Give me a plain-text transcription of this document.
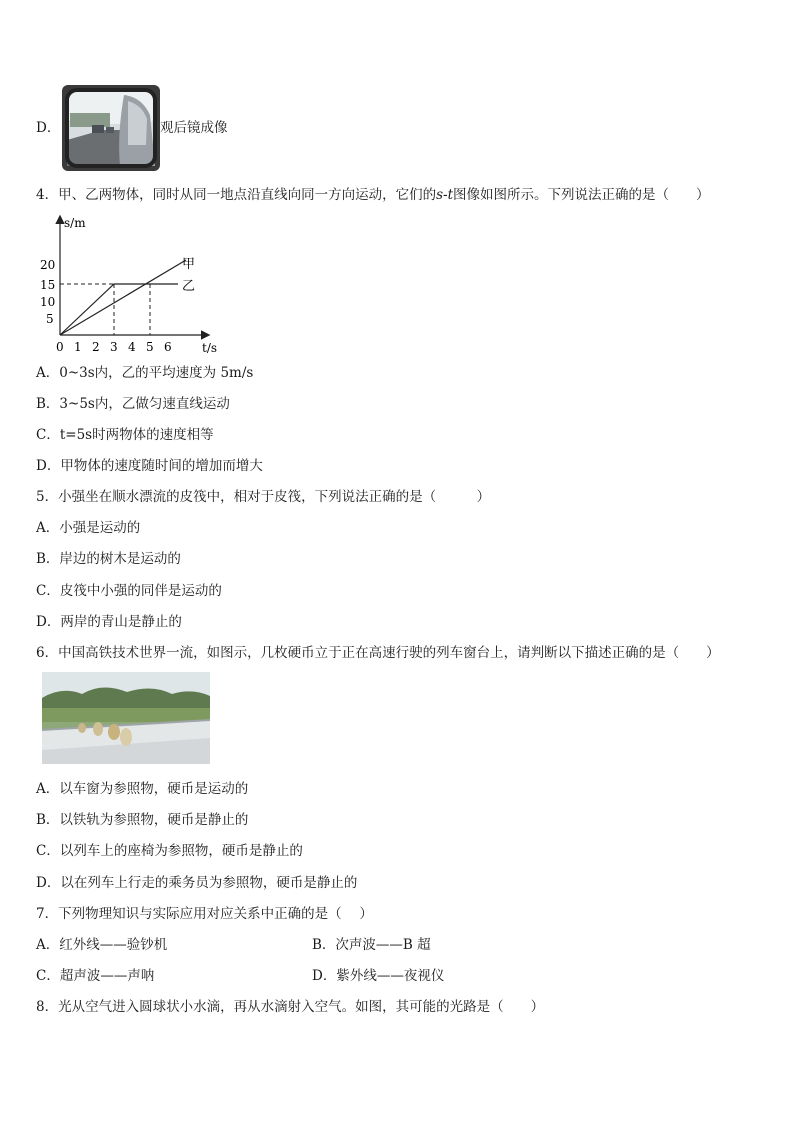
D．	观后镜成像
4．甲、乙两物体，同时从同一地点沿直线向同一方向运动，它们的s-t图像如图所示。下列说法正确的是（　　）
s/m
t/s
20
15
10
5
0 1 2 3 4 5 6
甲
乙
A．0~3s内，乙的平均速度为 5m/s
B．3~5s内，乙做匀速直线运动
C．t=5s时两物体的速度相等
D．甲物体的速度随时间的增加而增大
5．小强坐在顺水漂流的皮筏中，相对于皮筏，下列说法正确的是（　　　）
A．小强是运动的
B．岸边的树木是运动的
C．皮筏中小强的同伴是运动的
D．两岸的青山是静止的
6．中国高铁技术世界一流，如图示，几枚硬币立于正在高速行驶的列车窗台上，请判断以下描述正确的是（　　）
A．以车窗为参照物，硬币是运动的
B．以铁轨为参照物，硬币是静止的
C．以列车上的座椅为参照物，硬币是静止的
D．以在列车上行走的乘务员为参照物，硬币是静止的
7．下列物理知识与实际应用对应关系中正确的是（　 ）
A．红外线——验钞机	B．次声波——B 超
C．超声波——声呐	D．紫外线——夜视仪
8．光从空气进入圆球状小水滴，再从水滴射入空气。如图，其可能的光路是（　　）
